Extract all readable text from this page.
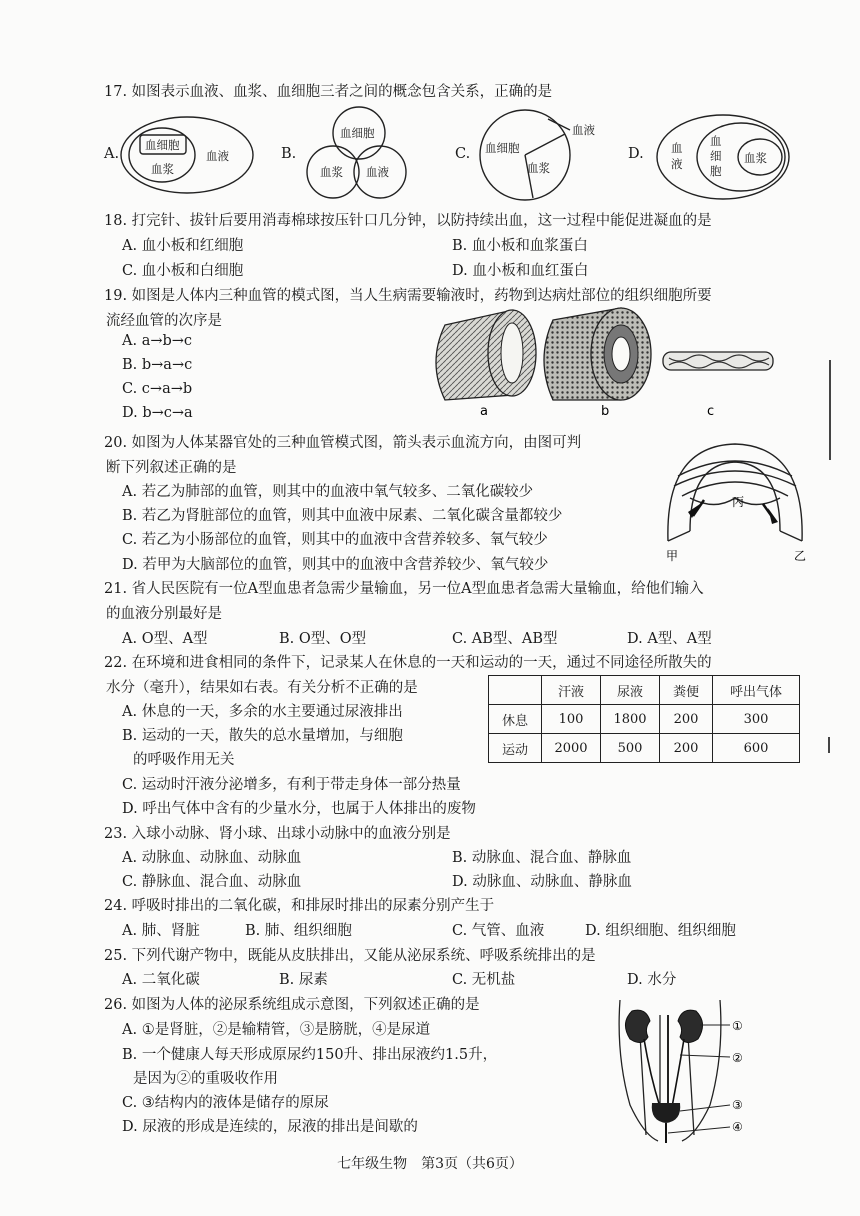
17. 如图表示血液、血浆、血细胞三者之间的概念包含关系，正确的是
A.	B.	C.	D.
血细胞
血浆
血液
血细胞
血浆 血液
血细胞
血浆
血液
血
液
血
细
胞
血浆
18. 打完针、拔针后要用消毒棉球按压针口几分钟，以防持续出血，这一过程中能促进凝血的是
A. 血小板和红细胞	B. 血小板和血浆蛋白
C. 血小板和白细胞	D. 血小板和血红蛋白
19. 如图是人体内三种血管的模式图，当人生病需要输液时，药物到达病灶部位的组织细胞所要
流经血管的次序是
A. a→b→c
B. b→a→c
C. c→a→b
D. b→c→a	a	b	c
20. 如图为人体某器官处的三种血管模式图，箭头表示血流方向，由图可判
断下列叙述正确的是
A. 若乙为肺部的血管，则其中的血液中氧气较多、二氧化碳较少
B. 若乙为肾脏部位的血管，则其中血液中尿素、二氧化碳含量都较少
C. 若乙为小肠部位的血管，则其中的血液中含营养较多、氧气较少
D. 若甲为大脑部位的血管，则其中的血液中含营养较少、氧气较少
丙
甲	乙
21. 省人民医院有一位A型血患者急需少量输血，另一位A型血患者急需大量输血，给他们输入
的血液分别最好是
A. O型、A型	B. O型、O型	C. AB型、AB型	D. A型、A型
22. 在环境和进食相同的条件下，记录某人在休息的一天和运动的一天，通过不同途径所散失的
水分（毫升），结果如右表。有关分析不正确的是
A. 休息的一天，多余的水主要通过尿液排出
B. 运动的一天，散失的总水量增加，与细胞
的呼吸作用无关
C. 运动时汗液分泌增多，有利于带走身体一部分热量
D. 呼出气体中含有的少量水分，也属于人体排出的废物
	汗液	尿液	粪便	呼出气体
休息	100	1800	200	300
运动	2000	500	200	600
23. 入球小动脉、肾小球、出球小动脉中的血液分别是
A. 动脉血、动脉血、动脉血	B. 动脉血、混合血、静脉血
C. 静脉血、混合血、动脉血	D. 动脉血、动脉血、静脉血
24. 呼吸时排出的二氧化碳，和排尿时排出的尿素分别产生于
A. 肺、肾脏	B. 肺、组织细胞	C. 气管、血液	D. 组织细胞、组织细胞
25. 下列代谢产物中，既能从皮肤排出，又能从泌尿系统、呼吸系统排出的是
A. 二氧化碳	B. 尿素	C. 无机盐	D. 水分
26. 如图为人体的泌尿系统组成示意图，下列叙述正确的是
A. ①是肾脏，②是输精管，③是膀胱，④是尿道
B. 一个健康人每天形成原尿约150升、排出尿液约1.5升，
是因为②的重吸收作用
C. ③结构内的液体是储存的原尿
D. 尿液的形成是连续的，尿液的排出是间歇的
①
②
③
④
七年级生物　第3页（共6页）
